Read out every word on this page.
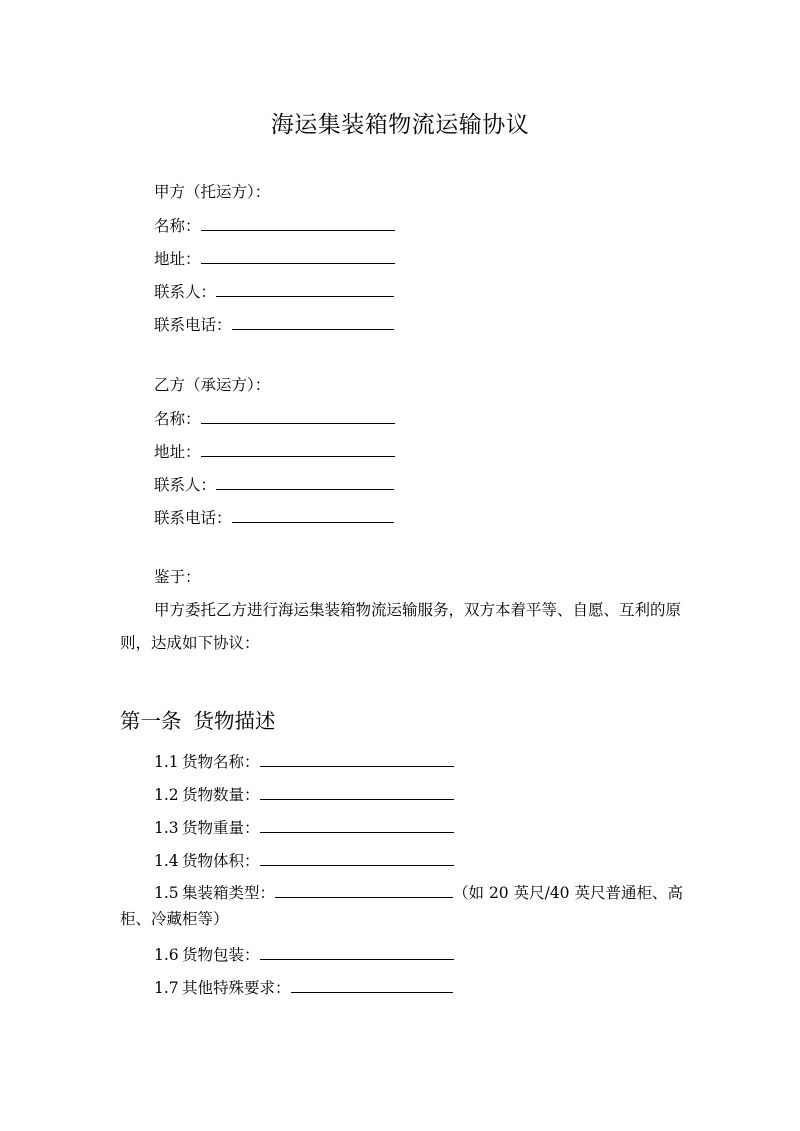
海运集装箱物流运输协议
甲方（托运方）：
名称：
地址：
联系人：
联系电话：
乙方（承运方）：
名称：
地址：
联系人：
联系电话：
鉴于：
甲方委托乙方进行海运集装箱物流运输服务，双方本着平等、自愿、互利的原则，达成如下协议：
第一条 货物描述
1.1 货物名称：
1.2 货物数量：
1.3 货物重量：
1.4 货物体积：
1.5 集装箱类型：	（如 20 英尺/40 英尺普通柜、高柜、冷藏柜等）
1.6 货物包装：
1.7 其他特殊要求：
